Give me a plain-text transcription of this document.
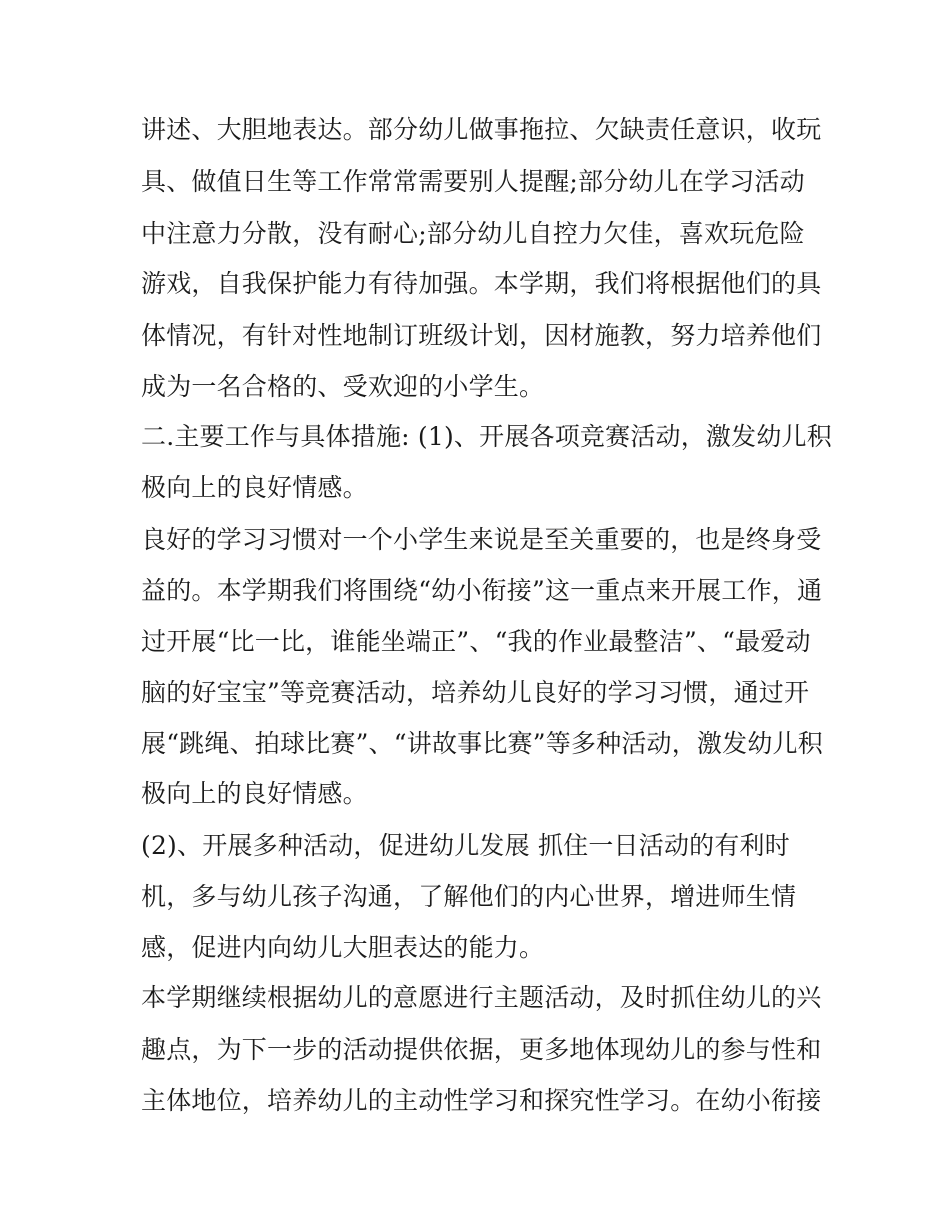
讲述、大胆地表达。部分幼儿做事拖拉、欠缺责任意识，收玩

具、做值日生等工作常常需要别人提醒;部分幼儿在学习活动

中注意力分散，没有耐心;部分幼儿自控力欠佳，喜欢玩危险

游戏，自我保护能力有待加强。本学期，我们将根据他们的具

体情况，有针对性地制订班级计划，因材施教，努力培养他们

成为一名合格的、受欢迎的小学生。

二.主要工作与具体措施: (1)、开展各项竞赛活动，激发幼儿积

极向上的良好情感。

良好的学习习惯对一个小学生来说是至关重要的，也是终身受

益的。本学期我们将围绕“幼小衔接”这一重点来开展工作，通

过开展“比一比，谁能坐端正”、“我的作业最整洁”、“最爱动

脑的好宝宝”等竞赛活动，培养幼儿良好的学习习惯，通过开

展“跳绳、拍球比赛”、“讲故事比赛”等多种活动，激发幼儿积

极向上的良好情感。

(2)、开展多种活动，促进幼儿发展 抓住一日活动的有利时

机，多与幼儿孩子沟通，了解他们的内心世界，增进师生情

感，促进内向幼儿大胆表达的能力。

本学期继续根据幼儿的意愿进行主题活动，及时抓住幼儿的兴

趣点，为下一步的活动提供依据，更多地体现幼儿的参与性和

主体地位，培养幼儿的主动性学习和探究性学习。在幼小衔接
